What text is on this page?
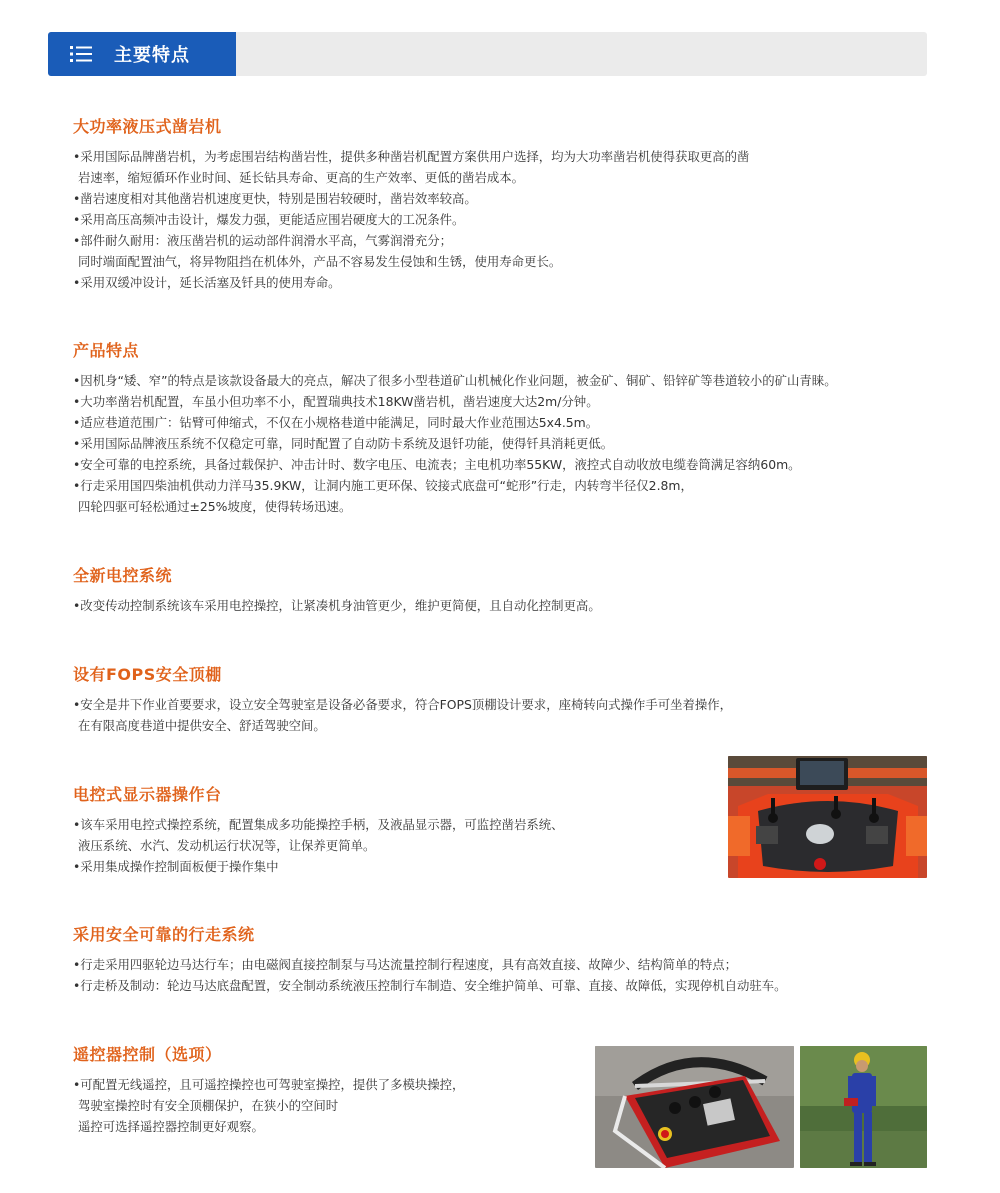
主要特点
大功率液压式凿岩机
•采用国际品牌凿岩机，为考虑围岩结构凿岩性，提供多种凿岩机配置方案供用户选择，均为大功率凿岩机使得获取更高的凿
岩速率，缩短循环作业时间、延长钻具寿命、更高的生产效率、更低的凿岩成本。
•凿岩速度相对其他凿岩机速度更快，特别是围岩较硬时，凿岩效率较高。
•采用高压高频冲击设计，爆发力强，更能适应围岩硬度大的工况条件。
•部件耐久耐用：液压凿岩机的运动部件润滑水平高，气雾润滑充分；
同时端面配置油气，将异物阻挡在机体外，产品不容易发生侵蚀和生锈，使用寿命更长。
•采用双缓冲设计，延长活塞及钎具的使用寿命。
产品特点
•因机身“矮、窄”的特点是该款设备最大的亮点，解决了很多小型巷道矿山机械化作业问题，被金矿、铜矿、铅锌矿等巷道较小的矿山青睐。
•大功率凿岩机配置，车虽小但功率不小，配置瑞典技术18KW凿岩机，凿岩速度大达2m/分钟。
•适应巷道范围广：钻臂可伸缩式，不仅在小规格巷道中能满足，同时最大作业范围达5x4.5m。
•采用国际品牌液压系统不仅稳定可靠，同时配置了自动防卡系统及退钎功能，使得钎具消耗更低。
•安全可靠的电控系统，具备过载保护、冲击计时、数字电压、电流表；主电机功率55KW，液控式自动收放电缆卷筒满足容纳60m。
•行走采用国四柴油机供动力洋马35.9KW，让洞内施工更环保、铰接式底盘可“蛇形”行走，内转弯半径仅2.8m，
四轮四驱可轻松通过±25%坡度，使得转场迅速。
全新电控系统
•改变传动控制系统该车采用电控操控，让紧凑机身油管更少，维护更简便，且自动化控制更高。
设有FOPS安全顶棚
•安全是井下作业首要要求，设立安全驾驶室是设备必备要求，符合FOPS顶棚设计要求，座椅转向式操作手可坐着操作，
在有限高度巷道中提供安全、舒适驾驶空间。
电控式显示器操作台
•该车采用电控式操控系统，配置集成多功能操控手柄，及液晶显示器，可监控凿岩系统、
液压系统、水汽、发动机运行状况等，让保养更简单。
•采用集成操作控制面板便于操作集中
采用安全可靠的行走系统
•行走采用四驱轮边马达行车；由电磁阀直接控制泵与马达流量控制行程速度，具有高效直接、故障少、结构简单的特点；
•行走桥及制动：轮边马达底盘配置，安全制动系统液压控制行车制造、安全维护简单、可靠、直接、故障低，实现停机自动驻车。
遥控器控制（选项）
•可配置无线遥控，且可遥控操控也可驾驶室操控，提供了多模块操控，
驾驶室操控时有安全顶棚保护，在狭小的空间时
遥控可选择遥控器控制更好观察。
